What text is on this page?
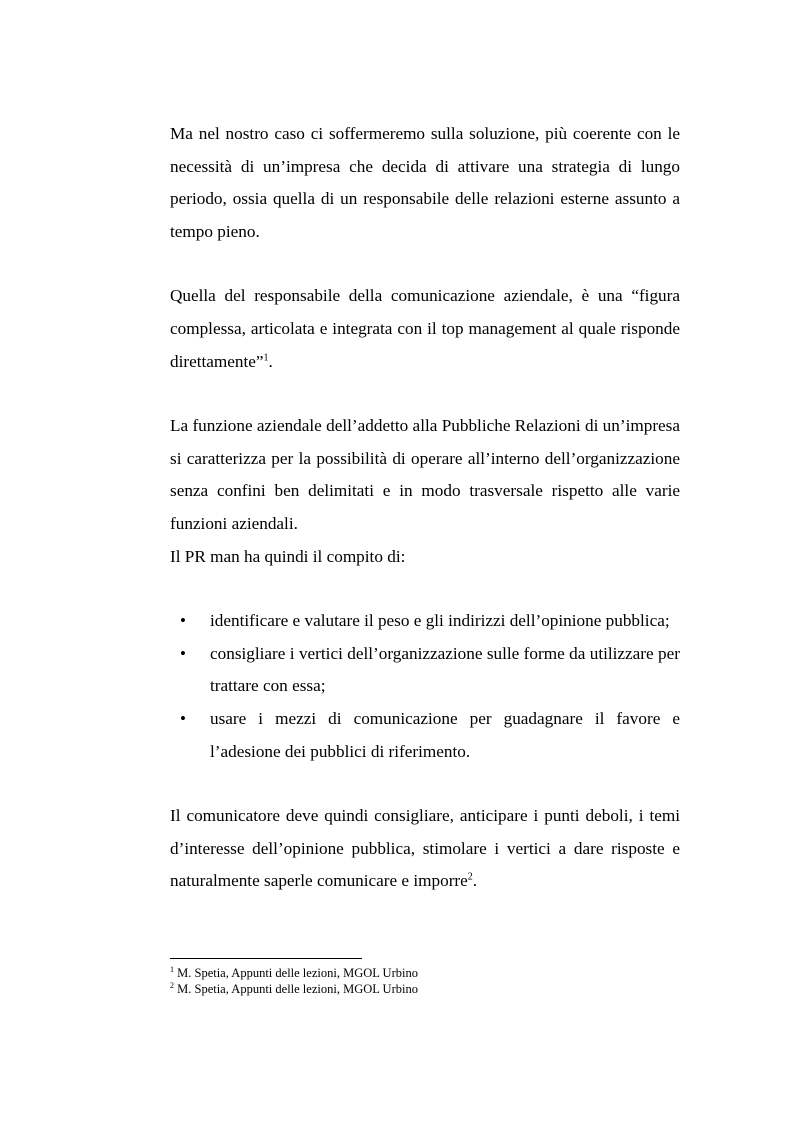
Ma nel nostro caso ci soffermeremo sulla soluzione, più coerente con le necessità di un’impresa che decida di attivare una strategia di lungo periodo, ossia quella di un responsabile delle relazioni esterne assunto a tempo pieno.

Quella del responsabile della comunicazione aziendale, è una “figura complessa, articolata e integrata con il top management al quale risponde direttamente”$^1$.

La funzione aziendale dell’addetto alla Pubbliche Relazioni di un’impresa si caratterizza per la possibilità di operare all’interno dell’organizzazione senza confini ben delimitati e in modo trasversale rispetto alle varie funzioni aziendali.

Il PR man ha quindi il compito di:

• identificare e valutare il peso e gli indirizzi dell’opinione pubblica;
• consigliare i vertici dell’organizzazione sulle forme da utilizzare per trattare con essa;
• usare i mezzi di comunicazione per guadagnare il favore e l’adesione dei pubblici di riferimento.

Il comunicatore deve quindi consigliare, anticipare i punti deboli, i temi d’interesse dell’opinione pubblica, stimolare i vertici a dare risposte e naturalmente saperle comunicare e imporre$^2$.

$^1$ M. Spetia, Appunti delle lezioni, MGOL Urbino
$^2$ M. Spetia, Appunti delle lezioni, MGOL Urbino
